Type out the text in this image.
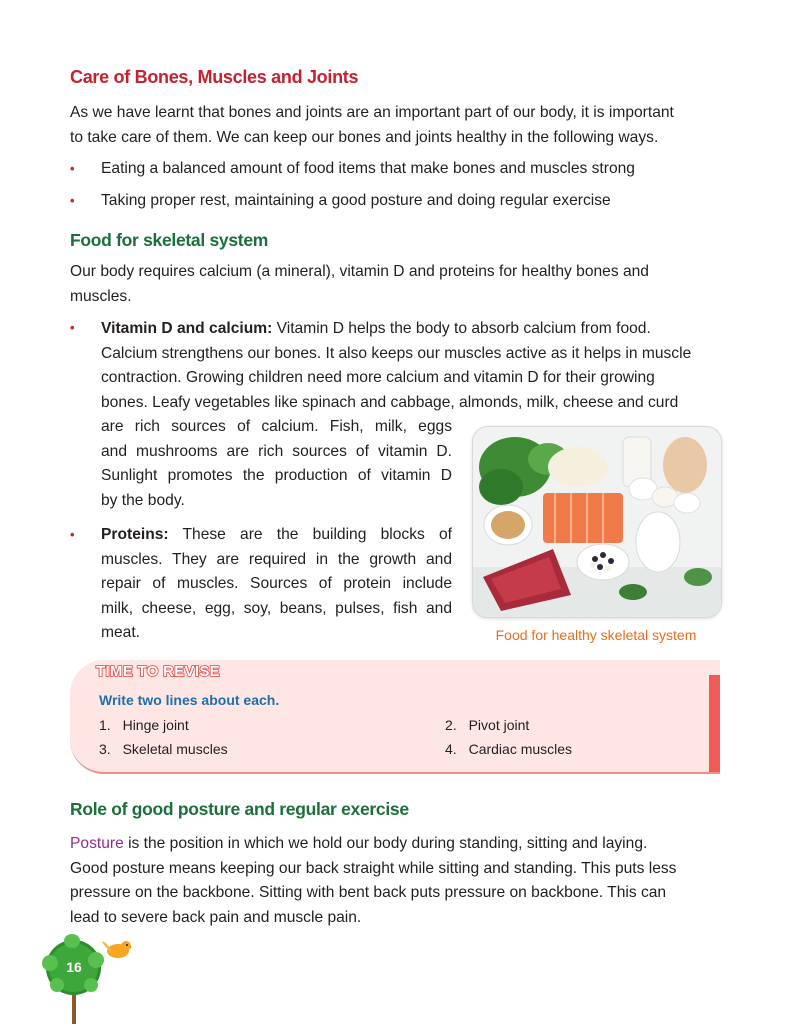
Care of Bones, Muscles and Joints
As we have learnt that bones and joints are an important part of our body, it is important
to take care of them. We can keep our bones and joints healthy in the following ways.
• Eating a balanced amount of food items that make bones and muscles strong
• Taking proper rest, maintaining a good posture and doing regular exercise
Food for skeletal system
Our body requires calcium (a mineral), vitamin D and proteins for healthy bones and
muscles.
• Vitamin D and calcium: Vitamin D helps the body to absorb calcium from food.
Calcium strengthens our bones. It also keeps our muscles active as it helps in muscle
contraction. Growing children need more calcium and vitamin D for their growing
bones. Leafy vegetables like spinach and cabbage, almonds, milk, cheese and curd
are rich sources of calcium. Fish, milk, eggs
and mushrooms are rich sources of vitamin D.
Sunlight promotes the production of vitamin D
by the body.
• Proteins: These are the building blocks of
muscles. They are required in the growth and
repair of muscles. Sources of protein include
milk, cheese, egg, soy, beans, pulses, fish and
meat.	Food for healthy skeletal system
TIME TO REVISE
Write two lines about each.
1. Hinge joint	2. Pivot joint
3. Skeletal muscles	4. Cardiac muscles
Role of good posture and regular exercise
Posture is the position in which we hold our body during standing, sitting and laying.
Good posture means keeping our back straight while sitting and standing. This puts less
pressure on the backbone. Sitting with bent back puts pressure on backbone. This can
lead to severe back pain and muscle pain.
16
